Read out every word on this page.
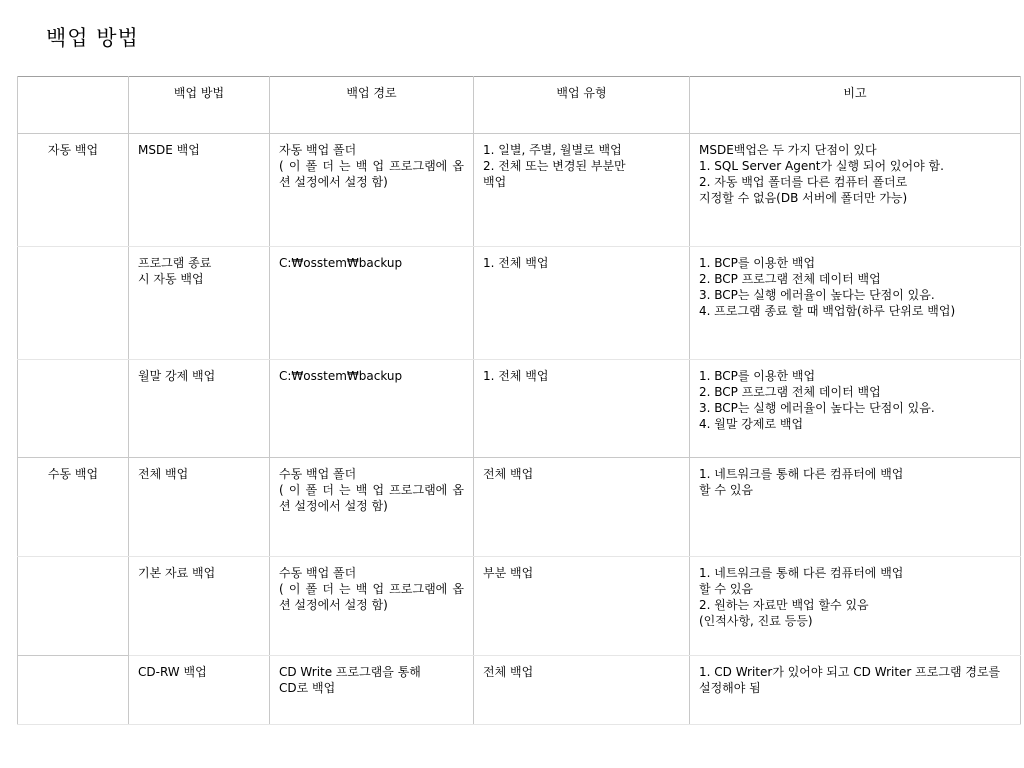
백업 방법
	백업 방법	백업 경로	백업 유형	비고
자동 백업	MSDE 백업	자동 백업 폴더
( 이 폴 더 는 백 업 프로그램에 옵션 설정에서 설정 함)	1. 일별, 주별, 월별로 백업
2. 전체 또는 변경된 부분만
백업	MSDE백업은 두 가지 단점이 있다
1. SQL Server Agent가 실행 되어 있어야 함.
2. 자동 백업 폴더를 다른 컴퓨터 폴더로
지정할 수 없음(DB 서버에 폴더만 가능)
	프로그램 종료
시 자동 백업	C:₩osstem₩backup	1. 전체 백업	1. BCP를 이용한 백업
2. BCP 프로그램 전체 데이터 백업
3. BCP는 실행 에러율이 높다는 단점이 있음.
4. 프로그램 종료 할 때 백업함(하루 단위로 백업)
	월말 강제 백업	C:₩osstem₩backup	1. 전체 백업	1. BCP를 이용한 백업
2. BCP 프로그램 전체 데이터 백업
3. BCP는 실행 에러율이 높다는 단점이 있음.
4. 월말 강제로 백업
수동 백업	전체 백업	수동 백업 폴더
( 이 폴 더 는 백 업 프로그램에 옵션 설정에서 설정 함)	전체 백업	1. 네트워크를 통해 다른 컴퓨터에 백업
할 수 있음
	기본 자료 백업	수동 백업 폴더
( 이 폴 더 는 백 업 프로그램에 옵션 설정에서 설정 함)	부분 백업	1. 네트워크를 통해 다른 컴퓨터에 백업
할 수 있음
2. 원하는 자료만 백업 할수 있음
(인적사항, 진료 등등)
	CD-RW 백업	CD Write 프로그램을 통해
CD로 백업	전체 백업	1. CD Writer가 있어야 되고 CD Writer 프로그램 경로를 설정해야 됨
